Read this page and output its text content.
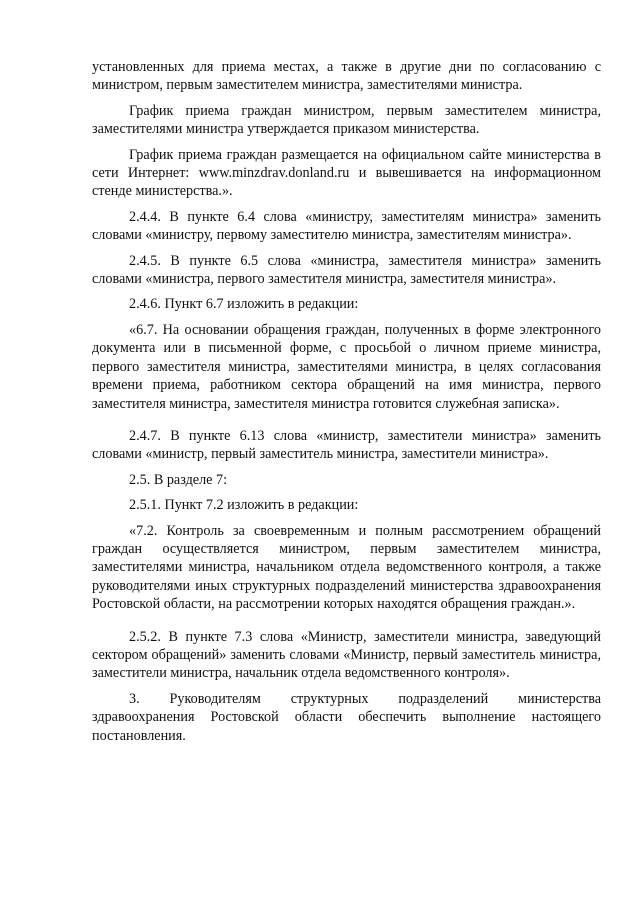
установленных для приема местах, а также в другие дни по согласованию с министром, первым заместителем министра, заместителями министра.

График приема граждан министром, первым заместителем министра, заместителями министра утверждается приказом министерства.

График приема граждан размещается на официальном сайте министерства в сети Интернет: www.minzdrav.donland.ru и вывешивается на информационном стенде министерства.».

2.4.4. В пункте 6.4 слова «министру, заместителям министра» заменить словами «министру, первому заместителю министра, заместителям министра».

2.4.5. В пункте 6.5 слова «министра, заместителя министра» заменить словами «министра, первого заместителя министра, заместителя министра».

2.4.6. Пункт 6.7 изложить в редакции:

«6.7. На основании обращения граждан, полученных в форме электронного документа или в письменной форме, с просьбой о личном приеме министра, первого заместителя министра, заместителями министра, в целях согласования времени приема, работником сектора обращений на имя министра, первого заместителя министра, заместителя министра готовится служебная записка».

2.4.7. В пункте 6.13 слова «министр, заместители министра» заменить словами «министр, первый заместитель министра, заместители министра».

2.5. В разделе 7:

2.5.1. Пункт 7.2 изложить в редакции:

«7.2. Контроль за своевременным и полным рассмотрением обращений граждан осуществляется министром, первым заместителем министра, заместителями министра, начальником отдела ведомственного контроля, а также руководителями иных структурных подразделений министерства здравоохранения Ростовской области, на рассмотрении которых находятся обращения граждан.».

2.5.2. В пункте 7.3 слова «Министр, заместители министра, заведующий сектором обращений» заменить словами «Министр, первый заместитель министра, заместители министра, начальник отдела ведомственного контроля».

3. Руководителям структурных подразделений министерства здравоохранения Ростовской области обеспечить выполнение настоящего постановления.
